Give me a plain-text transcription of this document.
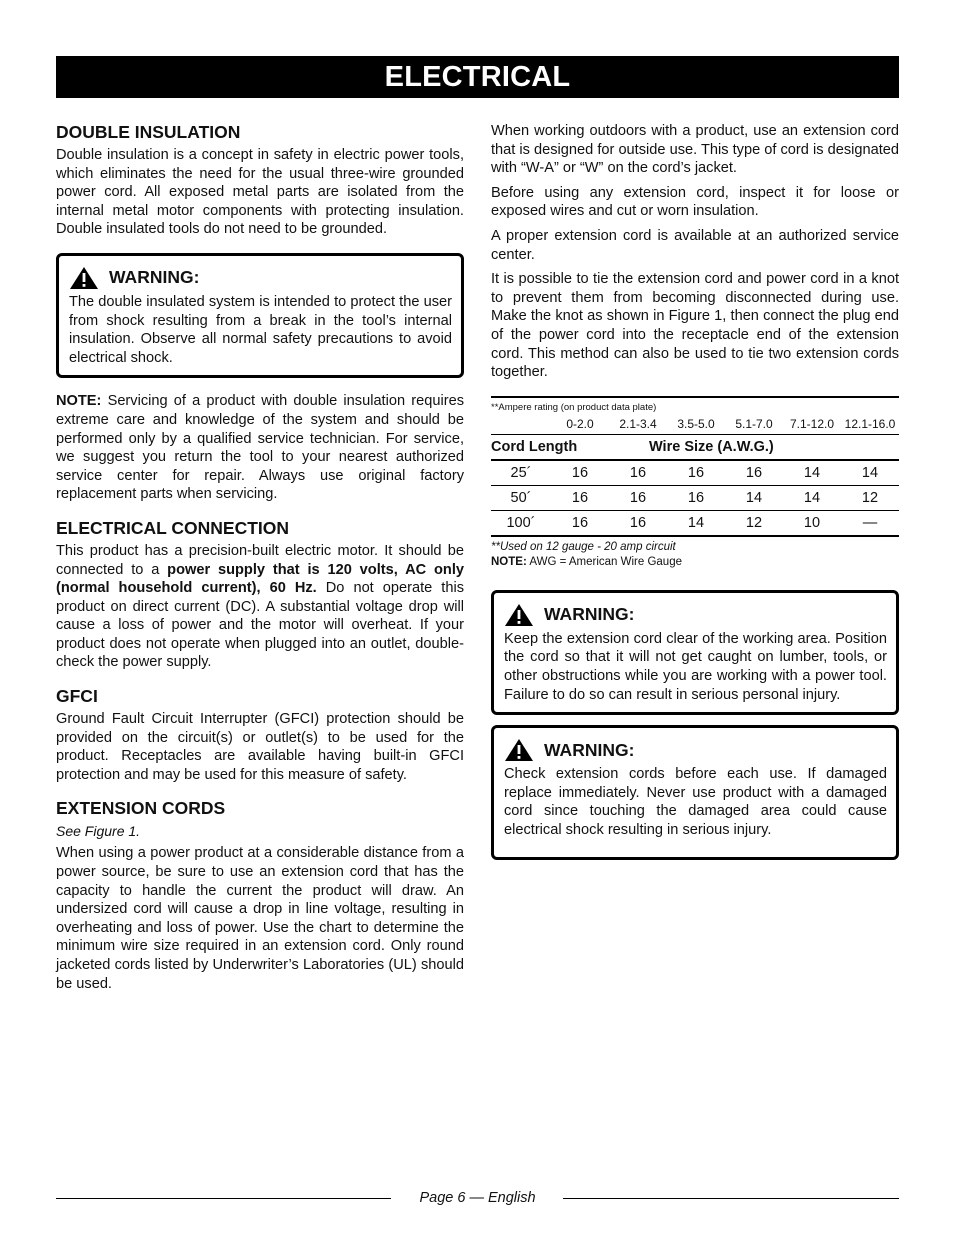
ELECTRICAL
DOUBLE INSULATION

Double insulation is a concept in safety in electric power tools, which eliminates the need for the usual three-wire grounded power cord. All exposed metal parts are isolated from the internal metal motor components with protecting insulation. Double insulated tools do not need to be grounded.

WARNING:

The double insulated system is intended to protect the user from shock resulting from a break in the tool’s internal insulation. Observe all normal safety precautions to avoid electrical shock.

NOTE: Servicing of a product with double insulation requires extreme care and knowledge of the system and should be performed only by a qualified service technician. For service, we suggest you return the tool to your nearest authorized service center for repair. Always use original factory replacement parts when servicing.

ELECTRICAL CONNECTION

This product has a precision-built electric motor. It should be connected to a power supply that is 120 volts, AC only (normal household current), 60 Hz. Do not operate this product on direct current (DC). A substantial voltage drop will cause a loss of power and the motor will overheat. If your product does not operate when plugged into an outlet, double-check the power supply.

GFCI

Ground Fault Circuit Interrupter (GFCI) protection should be provided on the circuit(s) or outlet(s) to be used for the product. Receptacles are available having built-in GFCI protection and may be used for this measure of safety.

EXTENSION CORDS
See Figure 1.

When using a power product at a considerable distance from a power source, be sure to use an extension cord that has the capacity to handle the current the product will draw. An undersized cord will cause a drop in line voltage, resulting in overheating and loss of power. Use the chart to determine the minimum wire size required in an extension cord. Only round jacketed cords listed by Underwriter’s Laboratories (UL) should be used.

When working outdoors with a product, use an extension cord that is designed for outside use. This type of cord is designated with “W-A” or “W” on the cord’s jacket.

Before using any extension cord, inspect it for loose or exposed wires and cut or worn insulation.

A proper extension cord is available at an authorized service center.

It is possible to tie the extension cord and power cord in a knot to prevent them from becoming disconnected during use. Make the knot as shown in Figure 1, then connect the plug end of the power cord into the receptacle end of the extension cord. This method can also be used to tie two extension cords together.

**Ampere rating (on product data plate)
0-2.0	2.1-3.4	3.5-5.0	5.1-7.0	7.1-12.0 12.1-16.0
Cord Length	Wire Size (A.W.G.)
25´	16	16	16	16	14	14
50´	16	16	16	14	14	12
100´	16	16	14	12	10	—
**Used on 12 gauge - 20 amp circuit
NOTE: AWG = American Wire Gauge
WARNING:

Keep the extension cord clear of the working area. Position the cord so that it will not get caught on lumber, tools, or other obstructions while you are working with a power tool. Failure to do so can result in serious personal injury.

WARNING:

Check extension cords before each use. If damaged replace immediately. Never use product with a damaged cord since touching the damaged area could cause electrical shock resulting in serious injury.

Page 6 — English
